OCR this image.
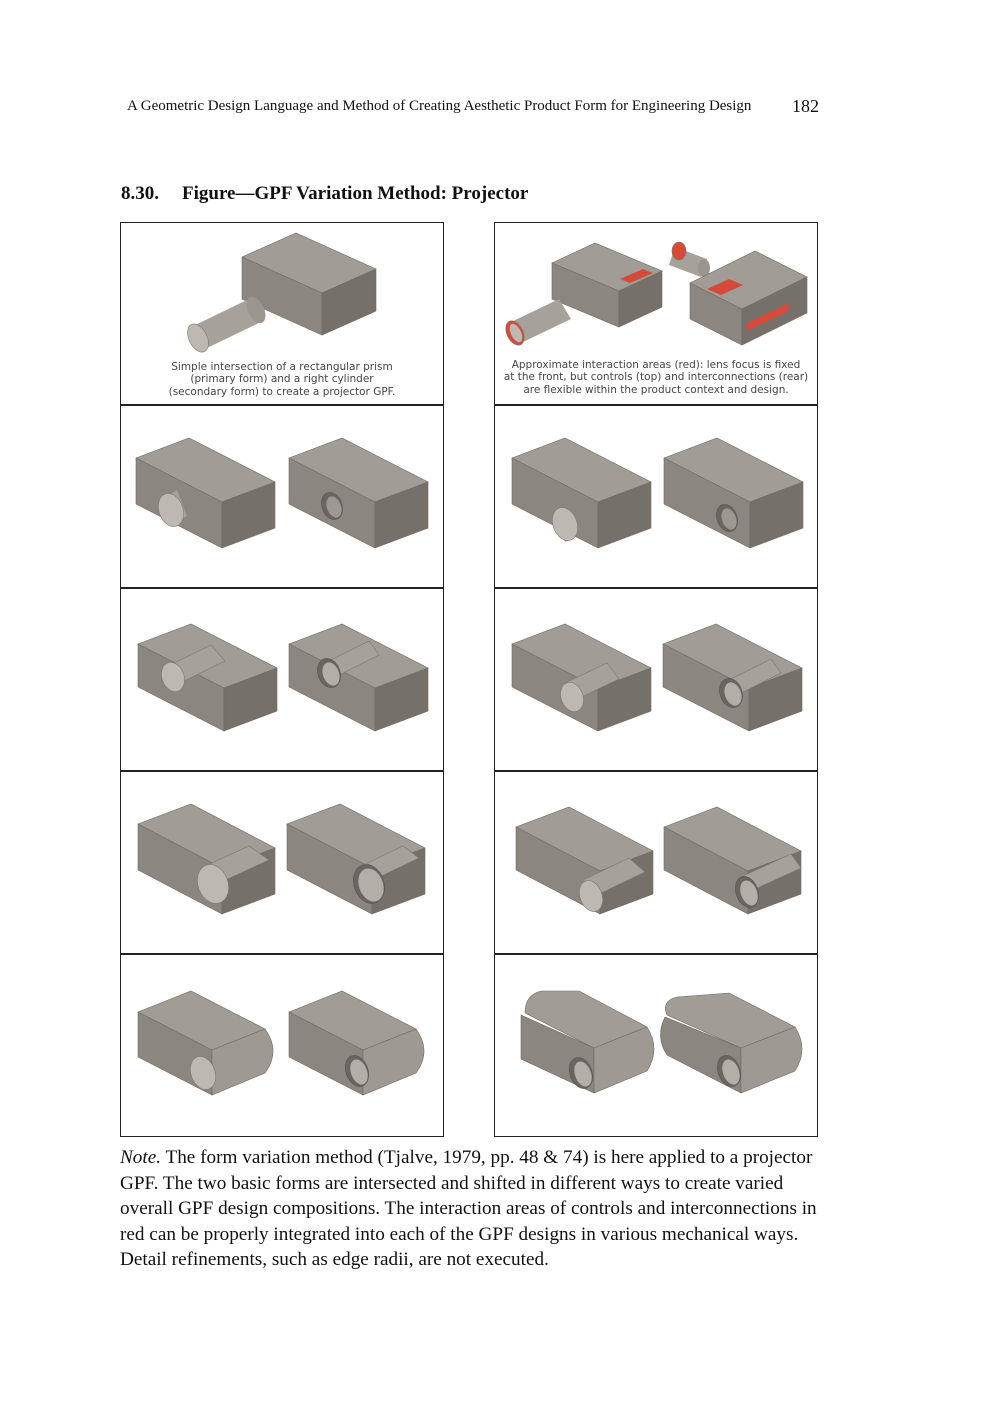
A Geometric Design Language and Method of Creating Aesthetic Product Form for Engineering Design 182
8.30. Figure—GPF Variation Method: Projector
Simple intersection of a rectangular prism
(primary form) and a right cylinder
(secondary form) to create a projector GPF.
Approximate interaction areas (red): lens focus is fixed
at the front, but controls (top) and interconnections (rear)
are flexible within the product context and design.
Note. The form variation method (Tjalve, 1979, pp. 48 & 74) is here applied to a projector GPF. The two basic forms are intersected and shifted in different ways to create varied overall GPF design compositions. The interaction areas of controls and interconnections in red can be properly integrated into each of the GPF designs in various mechanical ways. Detail refinements, such as edge radii, are not executed.
